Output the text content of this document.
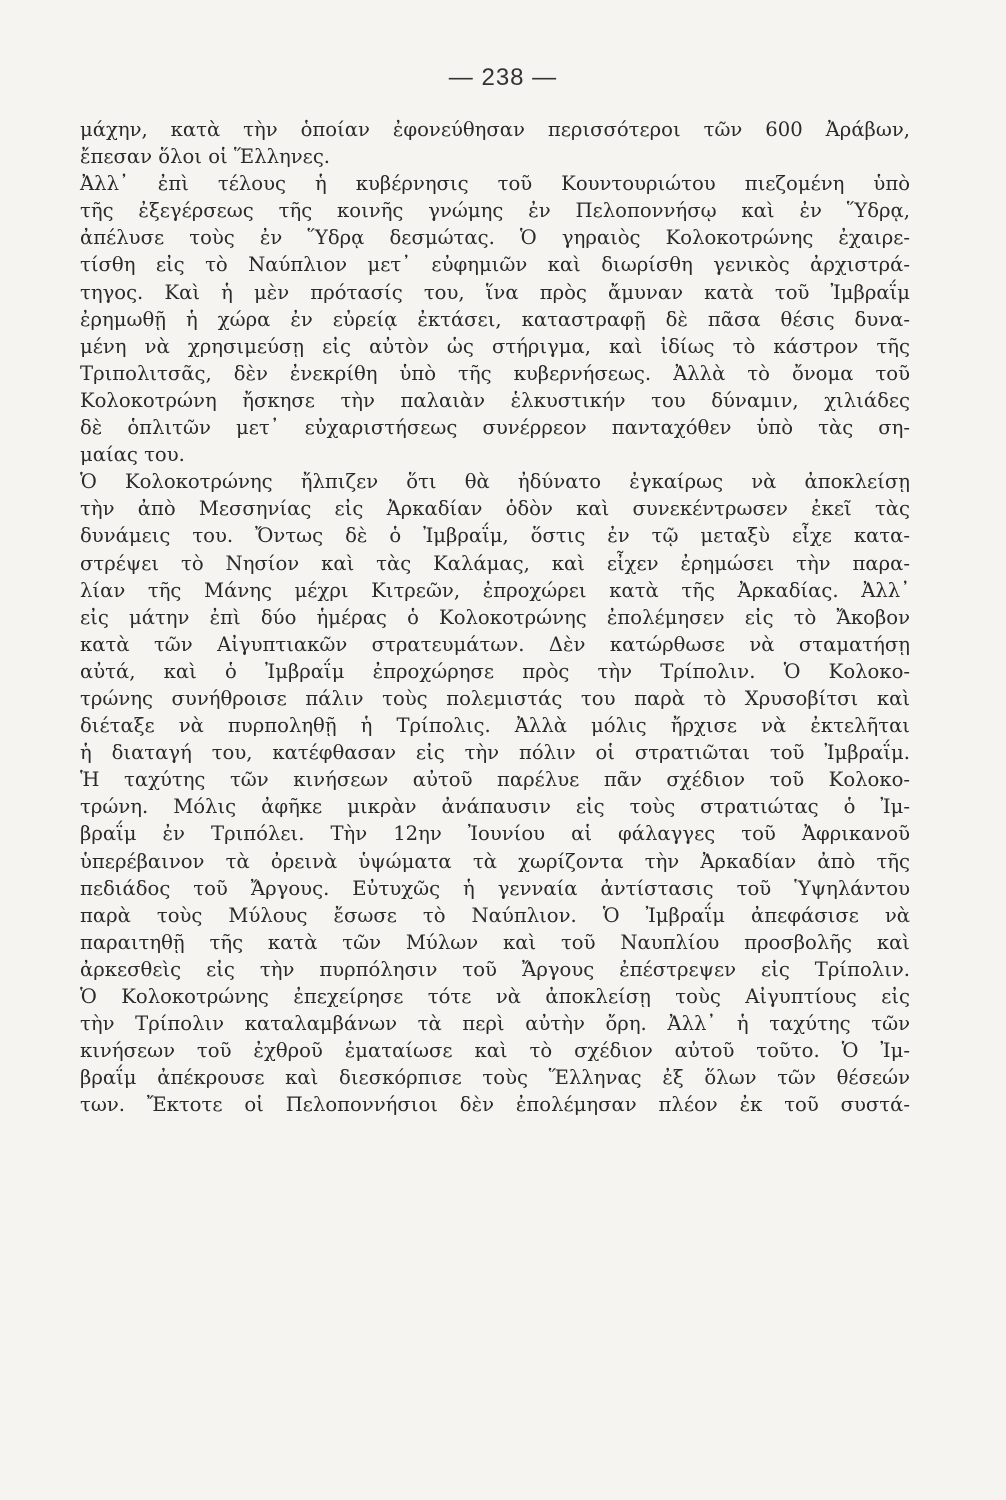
— 238 —
μάχην, κατὰ τὴν ὁποίαν ἐφονεύθησαν περισσότεροι τῶν 600 Ἀράβων,
ἔπεσαν ὅλοι οἱ Ἕλληνες.
Ἀλλ᾽ ἐπὶ τέλους ἡ κυβέρνησις τοῦ Κουντουριώτου πιεζομένη ὑπὸ
τῆς ἐξεγέρσεως τῆς κοινῆς γνώμης ἐν Πελοποννήσῳ καὶ ἐν Ὕδρᾳ,
ἀπέλυσε τοὺς ἐν Ὕδρᾳ δεσμώτας. Ὁ γηραιὸς Κολοκοτρώνης ἐχαιρε-
τίσθη εἰς τὸ Ναύπλιον μετ᾽ εὐφημιῶν καὶ διωρίσθη γενικὸς ἀρχιστρά-
τηγος. Καὶ ἡ μὲν πρότασίς του, ἵνα πρὸς ἄμυναν κατὰ τοῦ Ἰμβραΐμ
ἐρημωθῇ ἡ χώρα ἐν εὐρείᾳ ἐκτάσει, καταστραφῇ δὲ πᾶσα θέσις δυνα-
μένη νὰ χρησιμεύσῃ εἰς αὐτὸν ὡς στήριγμα, καὶ ἰδίως τὸ κάστρον τῆς
Τριπολιτσᾶς, δὲν ἐνεκρίθη ὑπὸ τῆς κυβερνήσεως. Ἀλλὰ τὸ ὄνομα τοῦ
Κολοκοτρώνη ἤσκησε τὴν παλαιὰν ἑλκυστικήν του δύναμιν, χιλιάδες
δὲ ὁπλιτῶν μετ᾽ εὐχαριστήσεως συνέρρεον πανταχόθεν ὑπὸ τὰς ση-
μαίας του.
Ὁ Κολοκοτρώνης ἤλπιζεν ὅτι θὰ ἠδύνατο ἐγκαίρως νὰ ἀποκλείσῃ
τὴν ἀπὸ Μεσσηνίας εἰς Ἀρκαδίαν ὁδὸν καὶ συνεκέντρωσεν ἐκεῖ τὰς
δυνάμεις του. Ὄντως δὲ ὁ Ἰμβραΐμ, ὅστις ἐν τῷ μεταξὺ εἶχε κατα-
στρέψει τὸ Νησίον καὶ τὰς Καλάμας, καὶ εἶχεν ἐρημώσει τὴν παρα-
λίαν τῆς Μάνης μέχρι Κιτρεῶν, ἐπροχώρει κατὰ τῆς Ἀρκαδίας. Ἀλλ᾽
εἰς μάτην ἐπὶ δύο ἡμέρας ὁ Κολοκοτρώνης ἐπολέμησεν εἰς τὸ Ἄκοβον
κατὰ τῶν Αἰγυπτιακῶν στρατευμάτων. Δὲν κατώρθωσε νὰ σταματήσῃ
αὐτά, καὶ ὁ Ἰμβραΐμ ἐπροχώρησε πρὸς τὴν Τρίπολιν. Ὁ Κολοκο-
τρώνης συνήθροισε πάλιν τοὺς πολεμιστάς του παρὰ τὸ Χρυσοβίτσι καὶ
διέταξε νὰ πυρποληθῇ ἡ Τρίπολις. Ἀλλὰ μόλις ἤρχισε νὰ ἐκτελῆται
ἡ διαταγή του, κατέφθασαν εἰς τὴν πόλιν οἱ στρατιῶται τοῦ Ἰμβραΐμ.
Ἡ ταχύτης τῶν κινήσεων αὐτοῦ παρέλυε πᾶν σχέδιον τοῦ Κολοκο-
τρώνη. Μόλις ἀφῆκε μικρὰν ἀνάπαυσιν εἰς τοὺς στρατιώτας ὁ Ἰμ-
βραΐμ ἐν Τριπόλει. Τὴν 12ην Ἰουνίου αἱ φάλαγγες τοῦ Ἀφρικανοῦ
ὑπερέβαινον τὰ ὀρεινὰ ὑψώματα τὰ χωρίζοντα τὴν Ἀρκαδίαν ἀπὸ τῆς
πεδιάδος τοῦ Ἄργους. Εὐτυχῶς ἡ γενναία ἀντίστασις τοῦ Ὑψηλάντου
παρὰ τοὺς Μύλους ἔσωσε τὸ Ναύπλιον. Ὁ Ἰμβραΐμ ἀπεφάσισε νὰ
παραιτηθῇ τῆς κατὰ τῶν Μύλων καὶ τοῦ Ναυπλίου προσβολῆς καὶ
ἀρκεσθεὶς εἰς τὴν πυρπόλησιν τοῦ Ἄργους ἐπέστρεψεν εἰς Τρίπολιν.
Ὁ Κολοκοτρώνης ἐπεχείρησε τότε νὰ ἀποκλείσῃ τοὺς Αἰγυπτίους εἰς
τὴν Τρίπολιν καταλαμβάνων τὰ περὶ αὐτὴν ὄρη. Ἀλλ᾽ ἡ ταχύτης τῶν
κινήσεων τοῦ ἐχθροῦ ἐματαίωσε καὶ τὸ σχέδιον αὐτοῦ τοῦτο. Ὁ Ἰμ-
βραΐμ ἀπέκρουσε καὶ διεσκόρπισε τοὺς Ἕλληνας ἐξ ὅλων τῶν θέσεών
των. Ἔκτοτε οἱ Πελοποννήσιοι δὲν ἐπολέμησαν πλέον ἐκ τοῦ συστά-
